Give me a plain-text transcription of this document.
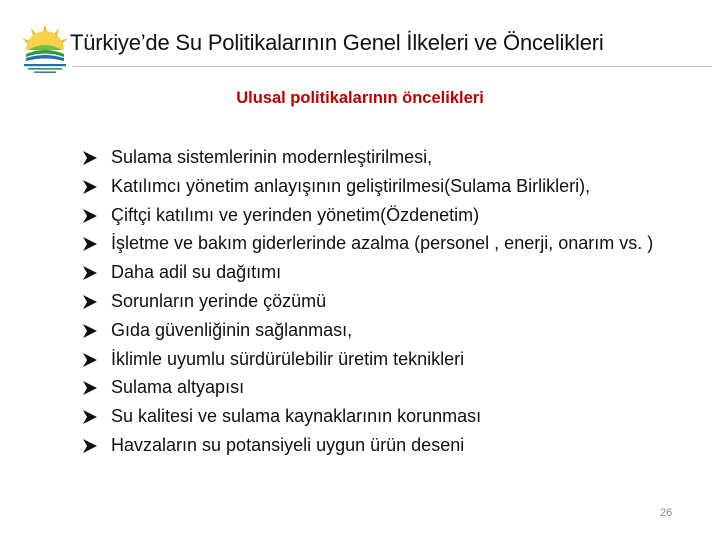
Türkiye’de Su Politikalarının Genel İlkeleri ve Öncelikleri
Ulusal politikalarının öncelikleri
Sulama sistemlerinin modernleştirilmesi,
Katılımcı yönetim anlayışının geliştirilmesi(Sulama Birlikleri),
Çiftçi katılımı ve yerinden yönetim(Özdenetim)
İşletme ve bakım giderlerinde azalma (personel , enerji, onarım vs. )
Daha adil su dağıtımı
Sorunların yerinde çözümü
Gıda güvenliğinin sağlanması,
İklimle uyumlu sürdürülebilir üretim teknikleri
Sulama altyapısı
Su kalitesi ve sulama kaynaklarının korunması
Havzaların su potansiyeli uygun ürün deseni
26
